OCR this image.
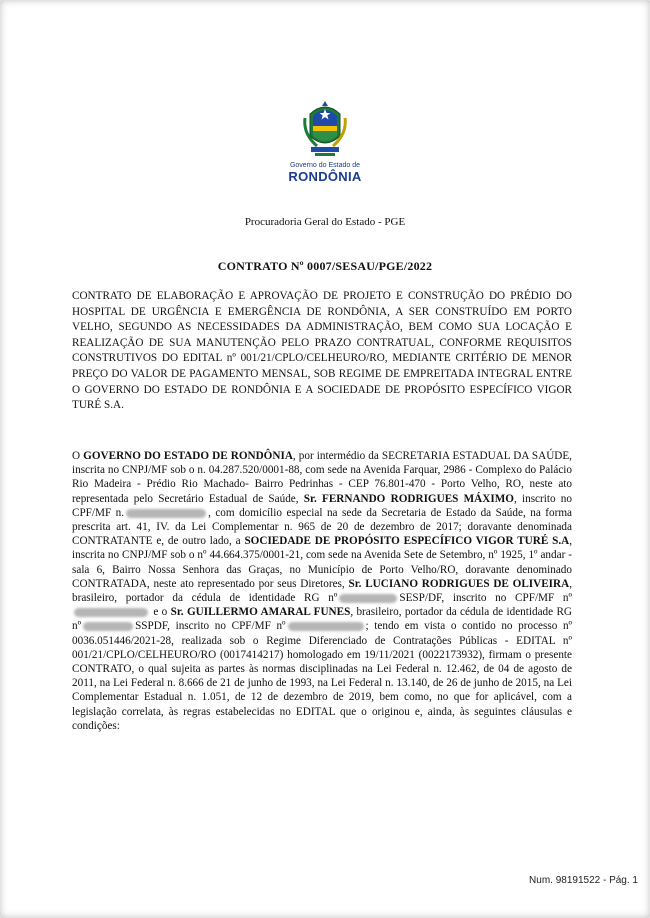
Governo do Estado de
RONDÔNIA
Procuradoria Geral do Estado - PGE
CONTRATO Nº 0007/SESAU/PGE/2022
CONTRATO DE ELABORAÇÃO E APROVAÇÃO DE PROJETO E CONSTRUÇÃO DO PRÉDIO DO HOSPITAL DE URGÊNCIA E EMERGÊNCIA DE RONDÔNIA, A SER CONSTRUÍDO EM PORTO VELHO, SEGUNDO AS NECESSIDADES DA ADMINISTRAÇÃO, BEM COMO SUA LOCAÇÃO E REALIZAÇÃO DE SUA MANUTENÇÃO PELO PRAZO CONTRATUAL, CONFORME REQUISITOS CONSTRUTIVOS DO EDITAL nº 001/21/CPLO/CELHEURO/RO, MEDIANTE CRITÉRIO DE MENOR PREÇO DO VALOR DE PAGAMENTO MENSAL, SOB REGIME DE EMPREITADA INTEGRAL ENTRE O GOVERNO DO ESTADO DE RONDÔNIA E A SOCIEDADE DE PROPÓSITO ESPECÍFICO VIGOR TURÉ S.A.
O GOVERNO DO ESTADO DE RONDÔNIA, por intermédio da SECRETARIA ESTADUAL DA SAÚDE, inscrita no CNPJ/MF sob o n. 04.287.520/0001-88, com sede na Avenida Farquar, 2986 - Complexo do Palácio Rio Madeira - Prédio Rio Machado- Bairro Pedrinhas - CEP 76.801-470 - Porto Velho, RO, neste ato representada pelo Secretário Estadual de Saúde, Sr. FERNANDO RODRIGUES MÁXIMO, inscrito no CPF/MF n.	, com domicílio especial na sede da Secretaria de Estado da Saúde, na forma prescrita art. 41, IV. da Lei Complementar n. 965 de 20 de dezembro de 2017; doravante denominada CONTRATANTE e, de outro lado, a SOCIEDADE DE PROPÓSITO ESPECÍFICO VIGOR TURÉ S.A, inscrita no CNPJ/MF sob o nº 44.664.375/0001-21, com sede na Avenida Sete de Setembro, nº 1925, 1º andar - sala 6, Bairro Nossa Senhora das Graças, no Município de Porto Velho/RO, doravante denominado CONTRATADA, neste ato representado por seus Diretores, Sr. LUCIANO RODRIGUES DE OLIVEIRA, brasileiro, portador da cédula de identidade RG nº	SESP/DF, inscrito no CPF/MF nº e o Sr. GUILLERMO AMARAL FUNES, brasileiro, portador da cédula de identidade RG nº	SSPDF, inscrito no CPF/MF nº	; tendo em vista o contido no processo nº 0036.051446/2021-28, realizada sob o Regime Diferenciado de Contratações Públicas - EDITAL nº 001/21/CPLO/CELHEURO/RO (0017414217) homologado em 19/11/2021 (0022173932), firmam o presente CONTRATO, o qual sujeita as partes às normas disciplinadas na Lei Federal n. 12.462, de 04 de agosto de 2011, na Lei Federal n. 8.666 de 21 de junho de 1993, na Lei Federal n. 13.140, de 26 de junho de 2015, na Lei Complementar Estadual n. 1.051, de 12 de dezembro de 2019, bem como, no que for aplicável, com a legislação correlata, às regras estabelecidas no EDITAL que o originou e, ainda, às seguintes cláusulas e condições:
Num. 98191522 - Pág. 1
